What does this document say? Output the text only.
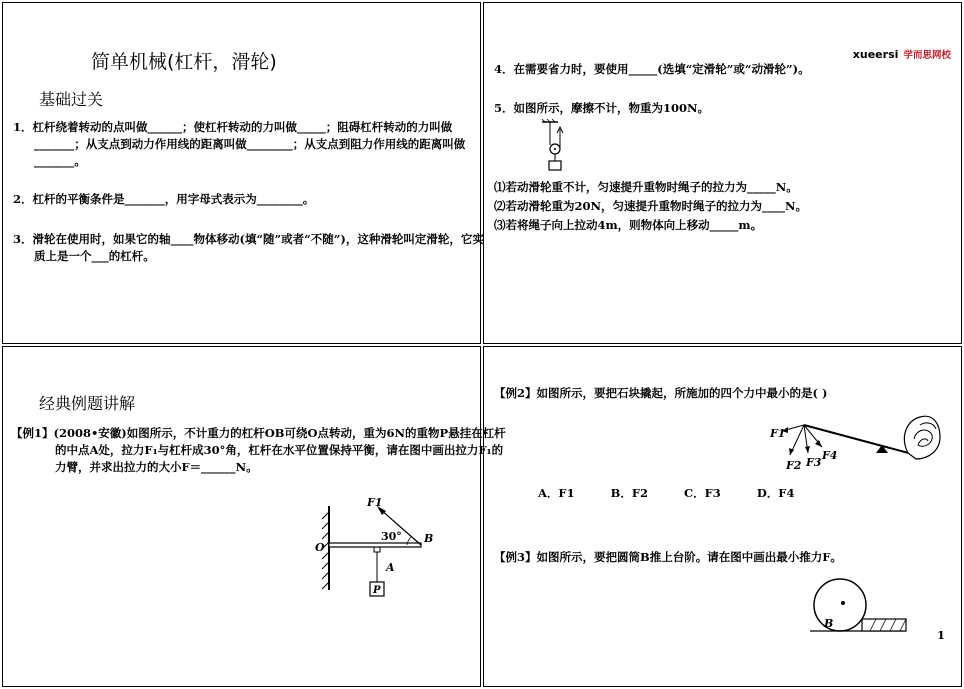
简单机械(杠杆，滑轮)
基础过关
1．杠杆绕着转动的点叫做______；使杠杆转动的力叫做_____；阻碍杠杆转动的力叫做_______；从支点到动力作用线的距离叫做________；从支点到阻力作用线的距离叫做_______。
2．杠杆的平衡条件是_______，用字母式表示为________。
3．滑轮在使用时，如果它的轴____物体移动(填“随”或者“不随”)，这种滑轮叫定滑轮，它实质上是一个___的杠杆。
xueersi 学而思网校
4．在需要省力时，要使用_____(选填“定滑轮”或“动滑轮”)。
5．如图所示，摩擦不计，物重为100N。
⑴若动滑轮重不计，匀速提升重物时绳子的拉力为_____N。
⑵若动滑轮重为20N，匀速提升重物时绳子的拉力为____N。
⑶若将绳子向上拉动4m，则物体向上移动_____m。
经典例题讲解
【例1】(2008•安徽)如图所示，不计重力的杠杆OB可绕O点转动，重为6N的重物P悬挂在杠杆的中点A处，拉力F₁与杠杆成30°角，杠杆在水平位置保持平衡，请在图中画出拉力F₁的力臂，并求出拉力的大小F＝______N。
F1
30° B
O
A
P
【例2】如图所示，要把石块撬起，所施加的四个力中最小的是( )
F1
F2 F3
F4
A．F1	B．F2	C．F3	D．F4
【例3】如图所示，要把圆筒B推上台阶。请在图中画出最小推力F。
B
1
